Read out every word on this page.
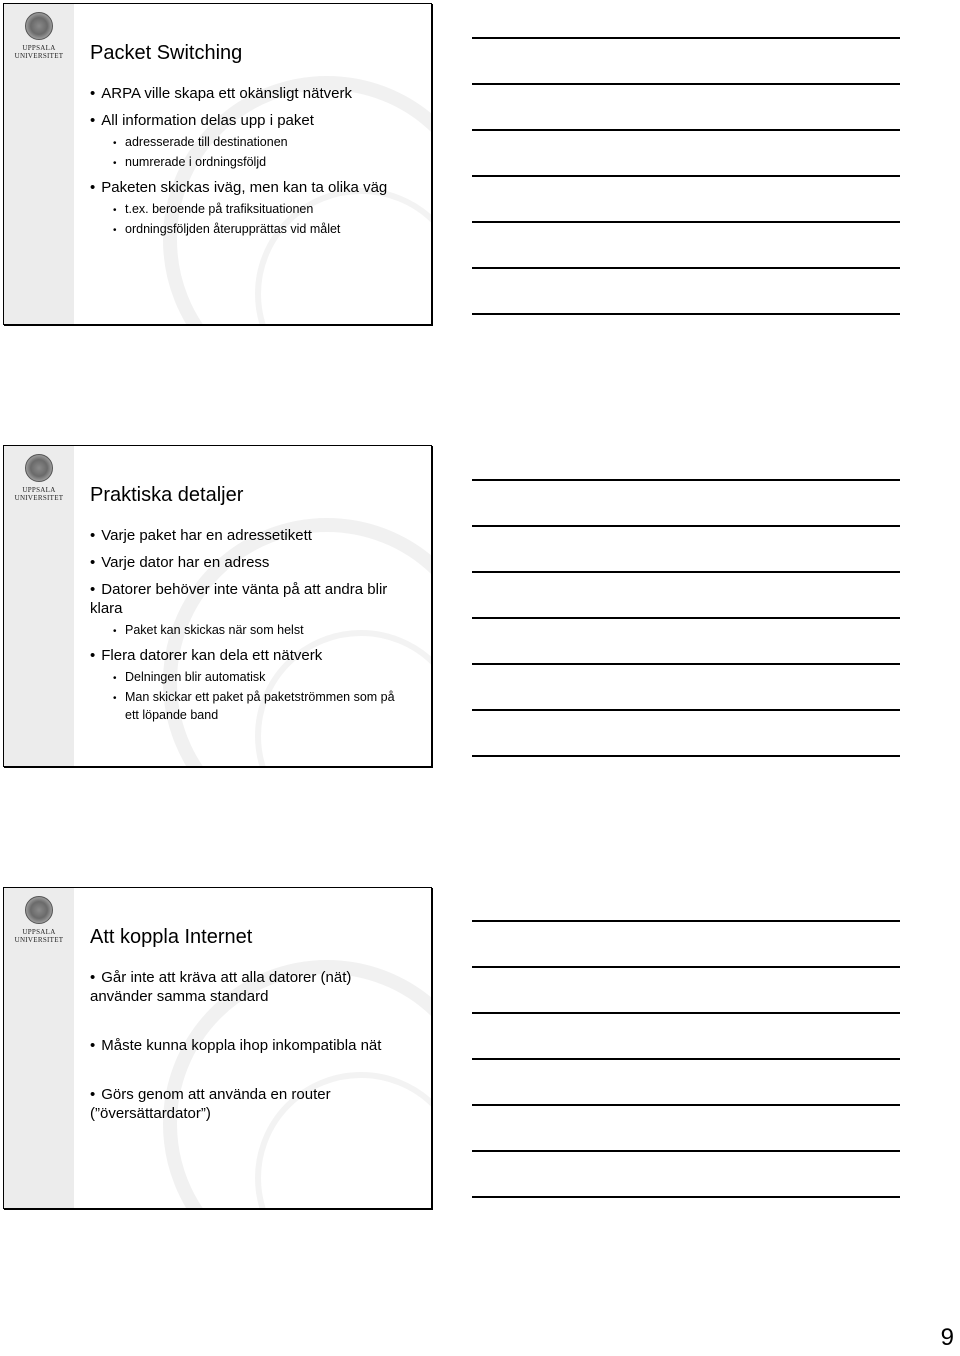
UPPSALA
UNIVERSITET Packet Switching

• ARPA ville skapa ett okänsligt nätverk

• All information delas upp i paket

• adresserade till destinationen

• numrerade i ordningsföljd

• Paketen skickas iväg, men kan ta olika väg

• t.ex. beroende på trafiksituationen

• ordningsföljden återupprättas vid målet

UPPSALA
UNIVERSITET Praktiska detaljer

• Varje paket har en adressetikett

• Varje dator har en adress

• Datorer behöver inte vänta på att andra blir klara

• Paket kan skickas när som helst

• Flera datorer kan dela ett nätverk

• Delningen blir automatisk

• Man skickar ett paket på paketströmmen som på ett löpande band

UPPSALA
UNIVERSITET Att koppla Internet

• Går inte att kräva att alla datorer (nät) använder samma standard

• Måste kunna koppla ihop inkompatibla nät

• Görs genom att använda en router (”översättardator”)

9
